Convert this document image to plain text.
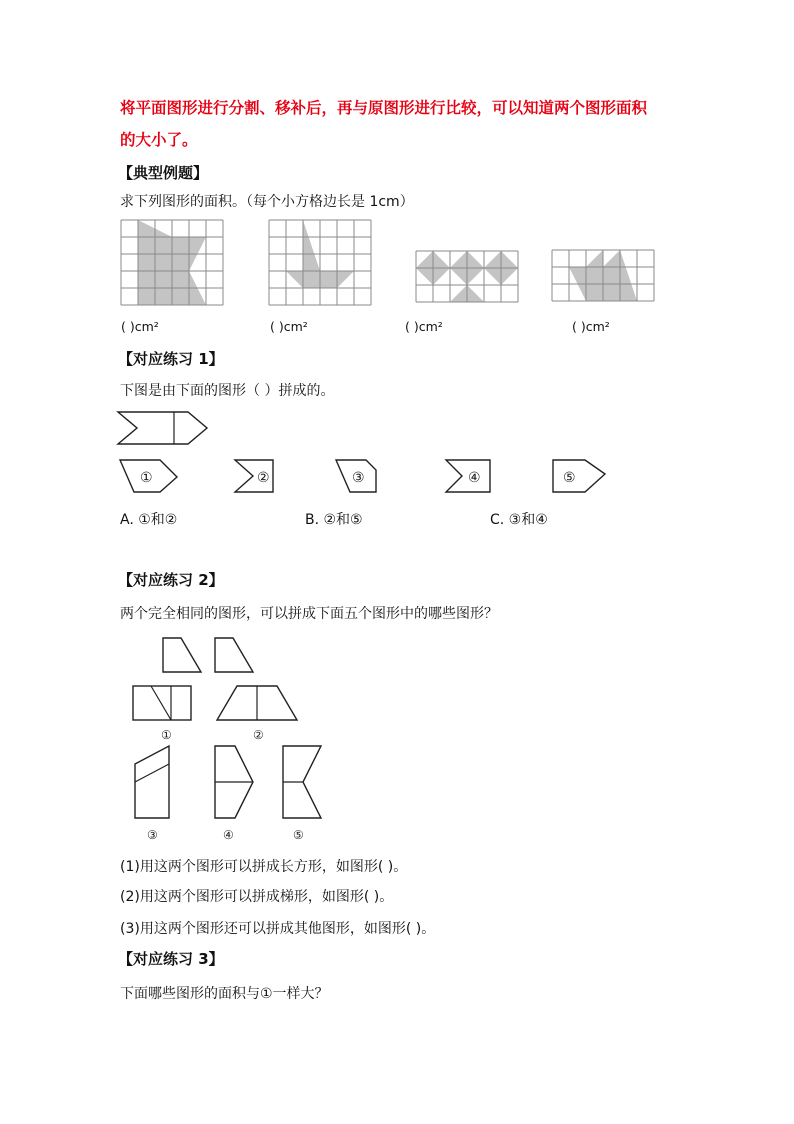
将平面图形进行分割、移补后，再与原图形进行比较，可以知道两个图形面积
的大小了。
【典型例题】
求下列图形的面积。（每个小方格边长是 1cm）
( )cm²	( )cm²	( )cm²	( )cm²
【对应练习 1】
下图是由下面的图形（ ）拼成的。
①	②	③	④	⑤
A. ①和②	B. ②和⑤	C. ③和④
【对应练习 2】
两个完全相同的图形，可以拼成下面五个图形中的哪些图形？
①	②
③	④	⑤
(1)用这两个图形可以拼成长方形，如图形( )。
(2)用这两个图形可以拼成梯形，如图形( )。
(3)用这两个图形还可以拼成其他图形，如图形( )。
【对应练习 3】
下面哪些图形的面积与①一样大？
